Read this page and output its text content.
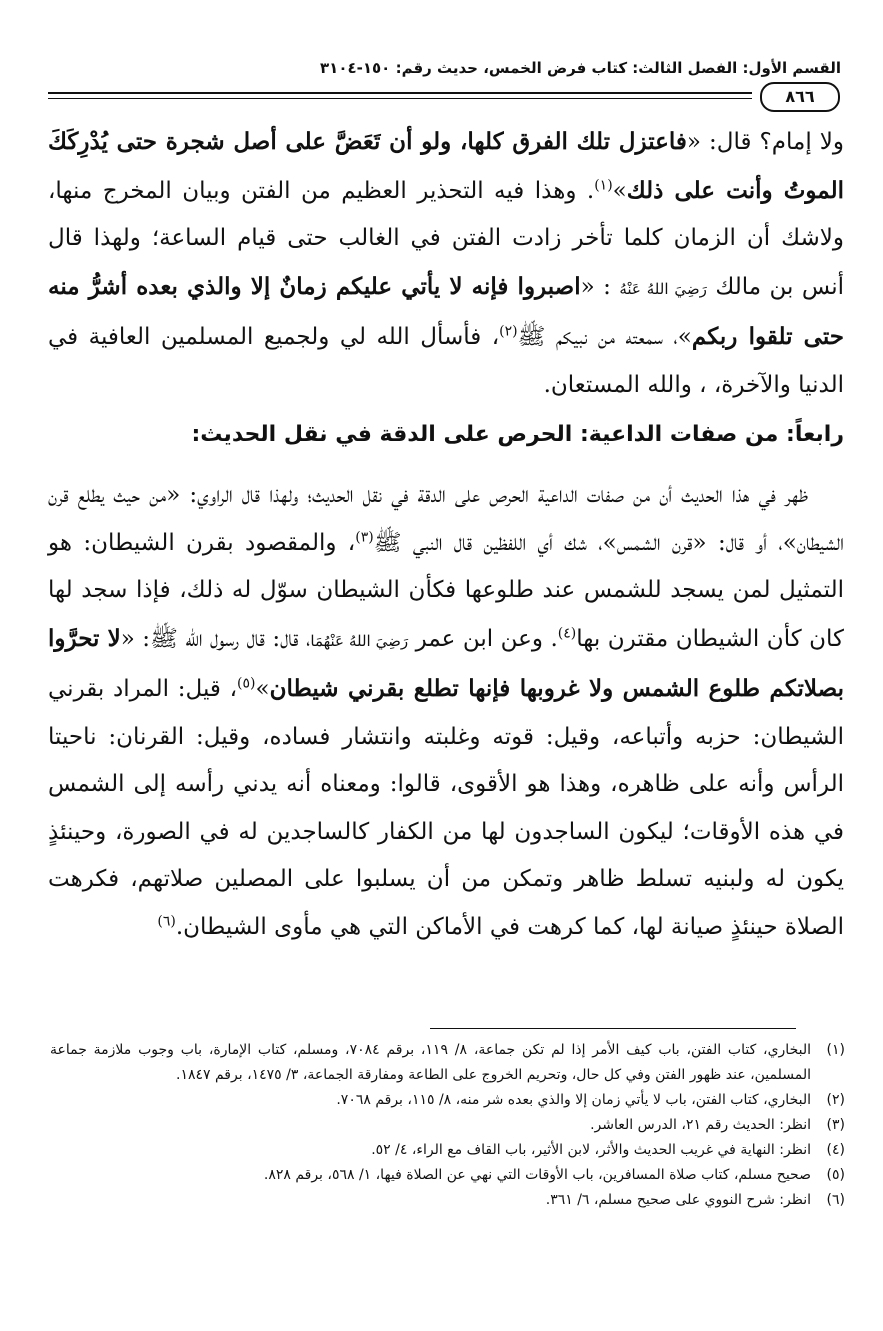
القسم الأول: الفصل الثالث: كتاب فرض الخمس، حديث رقم: ١٥٠-٣١٠٤
٨٦٦

ولا إمام؟ قال: «فاعتزل تلك الفرق كلها، ولو أن تَعَضَّ على أصل شجرة حتى يُدْرِكَكَ الموتُ وأنت على ذلك»$^{(١)}$. وهذا فيه التحذير العظيم من الفتن وبيان المخرج منها، ولاشك أن الزمان كلما تأخر زادت الفتن في الغالب حتى قيام الساعة؛ ولهذا قال أنس بن مالك رَضِيَ اللهُ عَنْهُ : «اصبروا فإنه لا يأتي عليكم زمانٌ إلا والذي بعده أشرُّ منه حتى تلقوا ربكم»، سمعته من نبيكم ﷺ$^{(٢)}$، فأسأل الله لي ولجميع المسلمين العافية في الدنيا والآخرة، ، والله المستعان.

رابعاً: من صفات الداعية: الحرص على الدقة في نقل الحديث:

ظهر في هذا الحديث أن من صفات الداعية الحرص على الدقة في نقل الحديث؛ ولهذا قال الراوي: «من حيث يطلع قرن الشيطان»، أو قال: «قرن الشمس»، شك أي اللفظين قال النبي ﷺ$^{(٣)}$، والمقصود بقرن الشيطان: هو التمثيل لمن يسجد للشمس عند طلوعها فكأن الشيطان سوّل له ذلك، فإذا سجد لها كان كأن الشيطان مقترن بها$^{(٤)}$. وعن ابن عمر رَضِيَ اللهُ عَنْهُمَا، قال: قال رسول الله ﷺ: «لا تحرَّوا بصلاتكم طلوع الشمس ولا غروبها فإنها تطلع بقرني شيطان»$^{(٥)}$، قيل: المراد بقرني الشيطان: حزبه وأتباعه، وقيل: قوته وغلبته وانتشار فساده، وقيل: القرنان: ناحيتا الرأس وأنه على ظاهره، وهذا هو الأقوى، قالوا: ومعناه أنه يدني رأسه إلى الشمس في هذه الأوقات؛ ليكون الساجدون لها من الكفار كالساجدين له في الصورة، وحينئذٍ يكون له ولبنيه تسلط ظاهر وتمكن من أن يسلبوا على المصلين صلاتهم، فكرهت الصلاة حينئذٍ صيانة لها، كما كرهت في الأماكن التي هي مأوى الشيطان.$^{(٦)}$

(١)
البخاري، كتاب الفتن، باب كيف الأمر إذا لم تكن جماعة، ٨/ ١١٩، برقم ٧٠٨٤، ومسلم، كتاب الإمارة، باب وجوب ملازمة جماعة المسلمين، عند ظهور الفتن وفي كل حال، وتحريم الخروج على الطاعة ومفارقة الجماعة، ٣/ ١٤٧٥، برقم ١٨٤٧.
(٢)
البخاري، كتاب الفتن، باب لا يأتي زمان إلا والذي بعده شر منه، ٨/ ١١٥، برقم ٧٠٦٨.
(٣)
انظر: الحديث رقم ٢١، الدرس العاشر.
(٤)
انظر: النهاية في غريب الحديث والأثر، لابن الأثير، باب القاف مع الراء، ٤/ ٥٢.
(٥)
صحيح مسلم، كتاب صلاة المسافرين، باب الأوقات التي نهي عن الصلاة فيها، ١/ ٥٦٨، برقم ٨٢٨.
(٦)
انظر: شرح النووي على صحيح مسلم، ٦/ ٣٦١.
